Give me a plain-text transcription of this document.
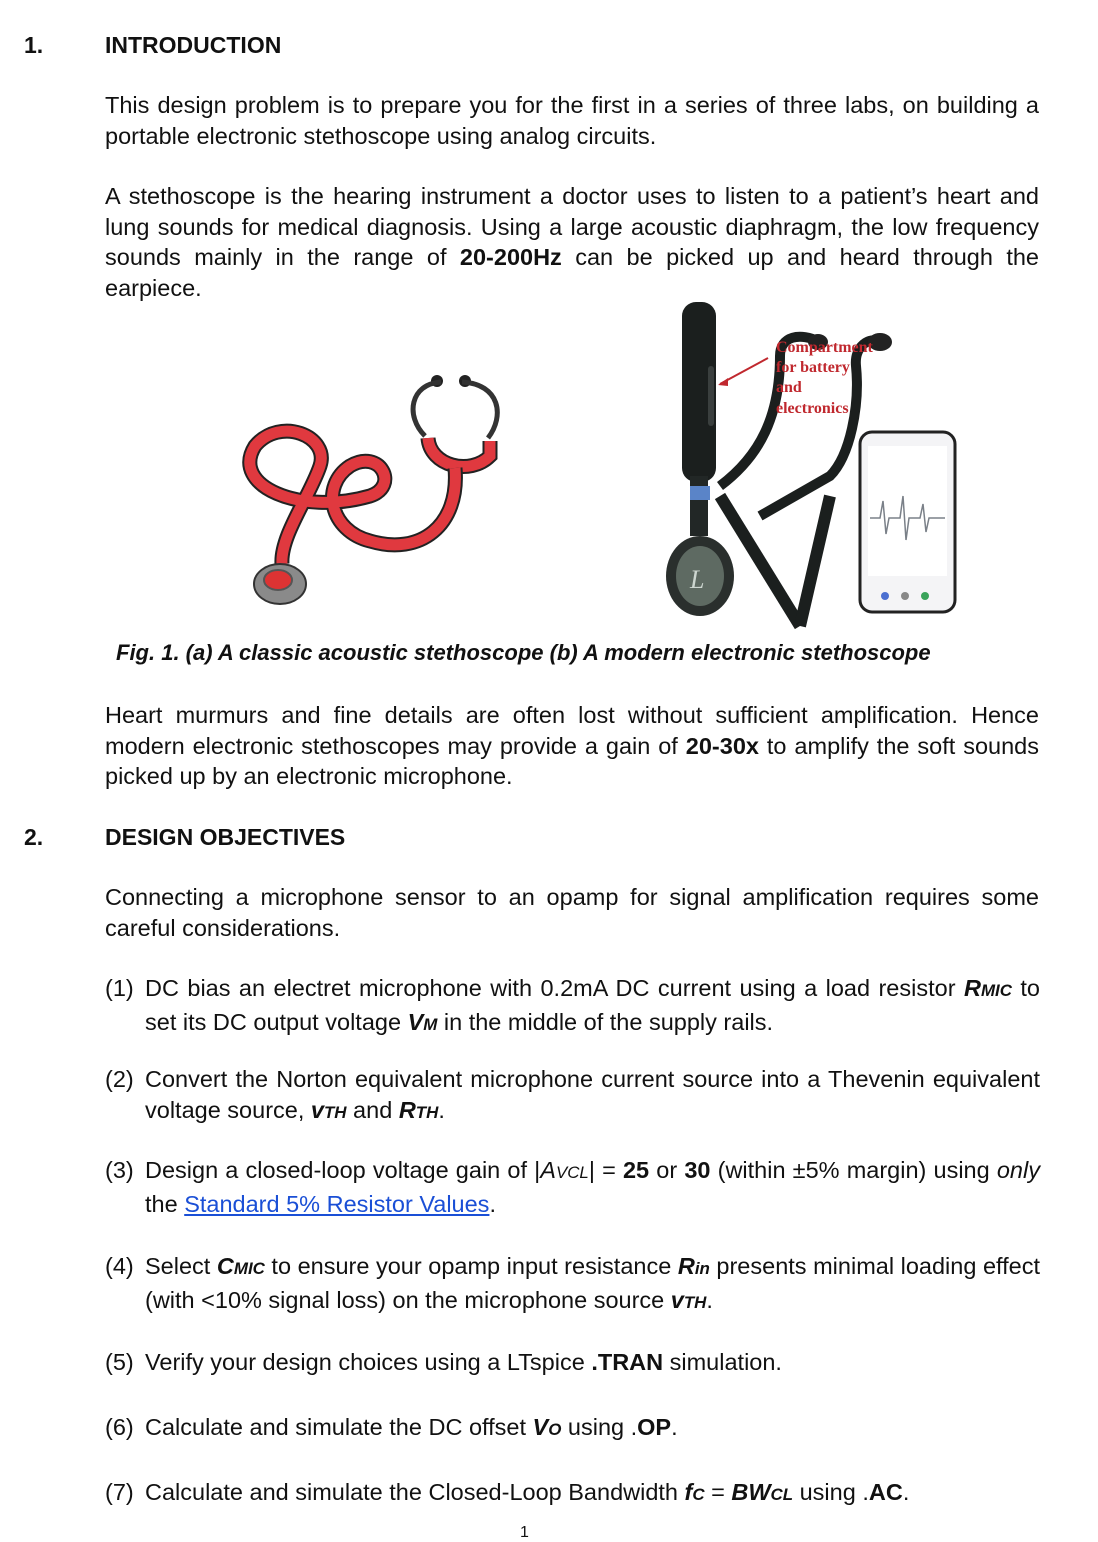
1.	INTRODUCTION
This design problem is to prepare you for the first in a series of three labs, on building a portable electronic stethoscope using analog circuits.
A stethoscope is the hearing instrument a doctor uses to listen to a patient’s heart and lung sounds for medical diagnosis. Using a large acoustic diaphragm, the low frequency sounds mainly in the range of 20-200Hz can be picked up and heard through the earpiece.
L
Compartment
for battery
and
electronics
Fig. 1. (a) A classic acoustic stethoscope (b) A modern electronic stethoscope
Heart murmurs and fine details are often lost without sufficient amplification. Hence modern electronic stethoscopes may provide a gain of 20-30x to amplify the soft sounds picked up by an electronic microphone.
2.	DESIGN OBJECTIVES
Connecting a microphone sensor to an opamp for signal amplification requires some careful considerations.
(1) DC bias an electret microphone with 0.2mA DC current using a load resistor RMIC to set its DC output voltage VM in the middle of the supply rails.
(2) Convert the Norton equivalent microphone current source into a Thevenin equivalent voltage source, vTH and RTH.
(3) Design a closed-loop voltage gain of |AVCL| = 25 or 30 (within ±5% margin) using only the Standard 5% Resistor Values.
(4) Select CMIC to ensure your opamp input resistance Rin presents minimal loading effect (with <10% signal loss) on the microphone source vTH.
(5) Verify your design choices using a LTspice .TRAN simulation.
(6) Calculate and simulate the DC offset VO using .OP.
(7) Calculate and simulate the Closed-Loop Bandwidth fC = BWCL using .AC.
1
